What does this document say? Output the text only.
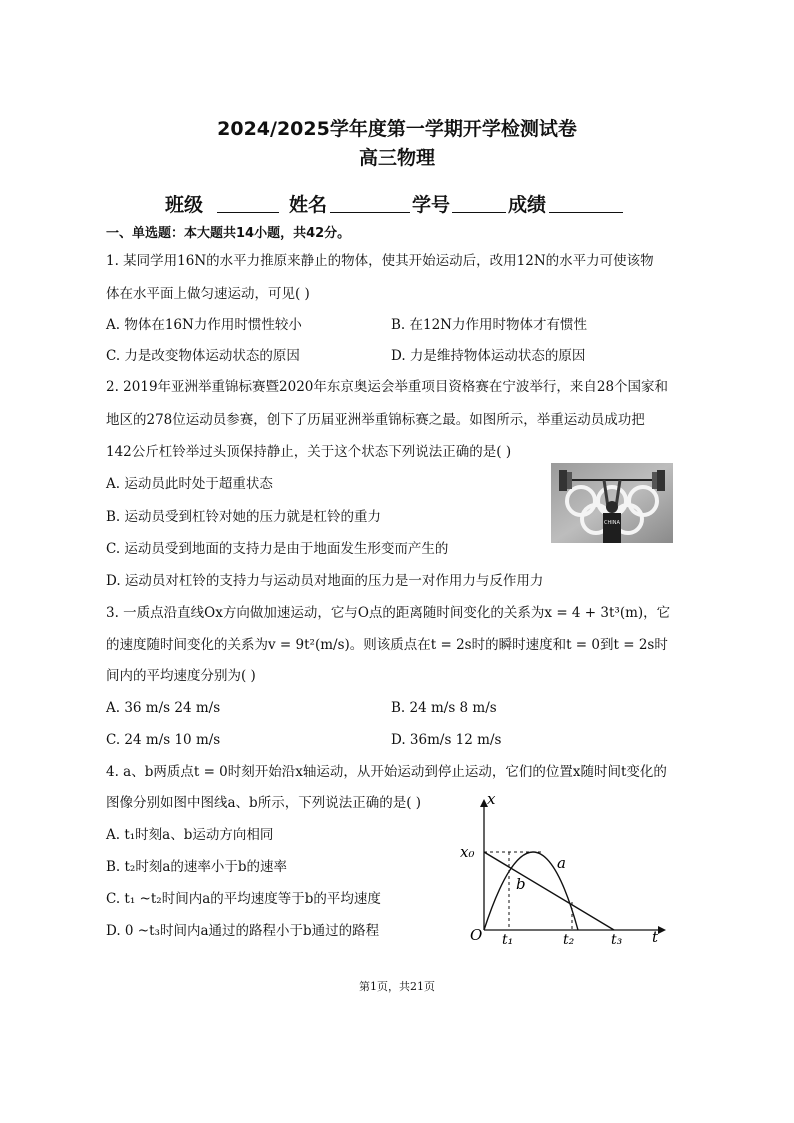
2024/2025学年度第一学期开学检测试卷
高三物理
班级	姓名	学号	成绩
一、单选题：本大题共14小题，共42分。
1. 某同学用16N的水平力推原来静止的物体，使其开始运动后，改用12N的水平力可使该物
体在水平面上做匀速运动，可见( )
A. 物体在16N力作用时惯性较小	B. 在12N力作用时物体才有惯性
C. 力是改变物体运动状态的原因	D. 力是维持物体运动状态的原因
2. 2019年亚洲举重锦标赛暨2020年东京奥运会举重项目资格赛在宁波举行，来自28个国家和
地区的278位运动员参赛，创下了历届亚洲举重锦标赛之最。如图所示，举重运动员成功把
142公斤杠铃举过头顶保持静止，关于这个状态下列说法正确的是( )
A. 运动员此时处于超重状态
B. 运动员受到杠铃对她的压力就是杠铃的重力
C. 运动员受到地面的支持力是由于地面发生形变而产生的
D. 运动员对杠铃的支持力与运动员对地面的压力是一对作用力与反作用力
CHINA
3. 一质点沿直线Ox方向做加速运动，它与O点的距离随时间变化的关系为x = 4 + 3t³(m)，它
的速度随时间变化的关系为v = 9t²(m/s)。则该质点在t = 2s时的瞬时速度和t = 0到t = 2s时
间内的平均速度分别为( )
A. 36 m/s 24 m/s	B. 24 m/s 8 m/s
C. 24 m/s 10 m/s	D. 36m/s 12 m/s
4. a、b两质点t = 0时刻开始沿x轴运动，从开始运动到停止运动，它们的位置x随时间t变化的
图像分别如图中图线a、b所示，下列说法正确的是( )
A. t₁时刻a、b运动方向相同
B. t₂时刻a的速率小于b的速率
C. t₁ ~t₂时间内a的平均速度等于b的平均速度
D. 0 ~t₃时间内a通过的路程小于b通过的路程
x
x₀
a
b
O t₁	t₂	t₃ t
第1页，共21页
